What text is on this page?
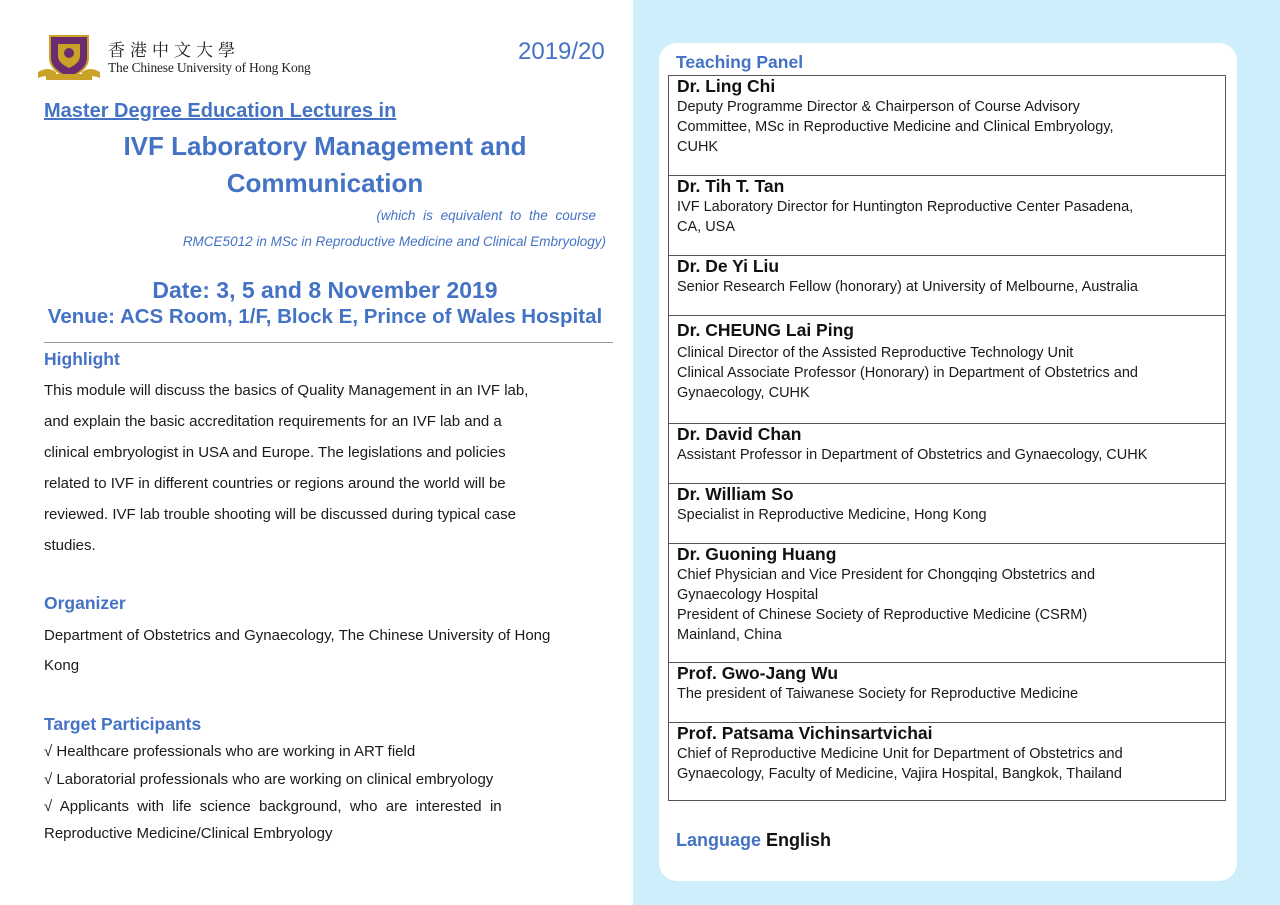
香港中文大學
The Chinese University of Hong Kong
2019/20
Master Degree Education Lectures in
IVF Laboratory Management and
Communication
(which is equivalent to the course
RMCE5012 in MSc in Reproductive Medicine and Clinical Embryology)
Date: 3, 5 and 8 November 2019
Venue: ACS Room, 1/F, Block E, Prince of Wales Hospital
Highlight
This module will discuss the basics of Quality Management in an IVF lab,
and explain the basic accreditation requirements for an IVF lab and a
clinical embryologist in USA and Europe. The legislations and policies
related to IVF in different countries or regions around the world will be
reviewed. IVF lab trouble shooting will be discussed during typical case
studies.
Organizer
Department of Obstetrics and Gynaecology, The Chinese University of Hong
Kong
Target Participants
√ Healthcare professionals who are working in ART field
√ Laboratorial professionals who are working on clinical embryology
√  Applicants  with  life  science  background,  who  are  interested  in
Reproductive Medicine/Clinical Embryology
Teaching Panel
Dr. Ling Chi
Deputy Programme Director & Chairperson of Course Advisory
Committee, MSc in Reproductive Medicine and Clinical Embryology,
CUHK
Dr. Tih T. Tan
IVF Laboratory Director for Huntington Reproductive Center Pasadena,
CA, USA
Dr. De Yi Liu
Senior Research Fellow (honorary) at University of Melbourne, Australia
Dr. CHEUNG Lai Ping
Clinical Director of the Assisted Reproductive Technology Unit
Clinical Associate Professor (Honorary) in Department of Obstetrics and
Gynaecology, CUHK
Dr. David Chan
Assistant Professor in Department of Obstetrics and Gynaecology, CUHK
Dr. William So
Specialist in Reproductive Medicine, Hong Kong
Dr. Guoning Huang
Chief Physician and Vice President for Chongqing Obstetrics and
Gynaecology Hospital
President of Chinese Society of Reproductive Medicine (CSRM)
Mainland, China
Prof. Gwo-Jang Wu
The president of Taiwanese Society for Reproductive Medicine
Prof. Patsama Vichinsartvichai
Chief of Reproductive Medicine Unit for Department of Obstetrics and
Gynaecology, Faculty of Medicine, Vajira Hospital, Bangkok, Thailand
Language English
